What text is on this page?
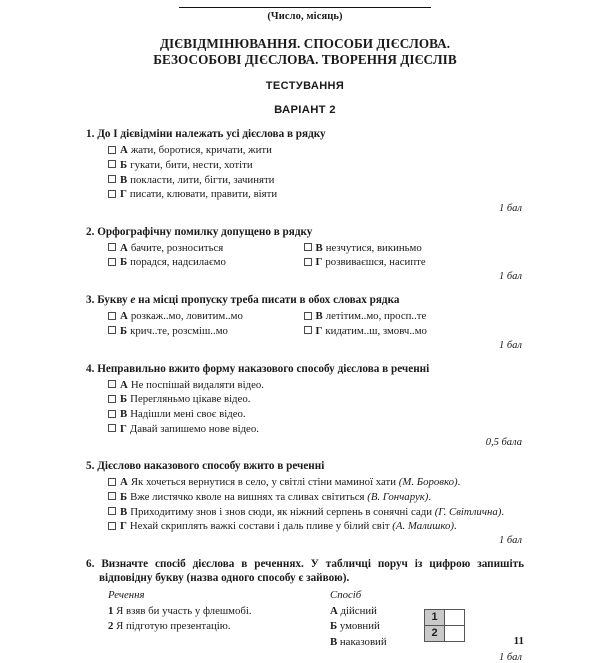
(Число, місяць)
ДІЄВІДМІНЮВАННЯ. СПОСОБИ ДІЄСЛОВА.
БЕЗОСОБОВІ ДІЄСЛОВА. ТВОРЕННЯ ДІЄСЛІВ
ТЕСТУВАННЯ
ВАРІАНТ 2
1. До I дієвідміни належать усі дієслова в рядку
А жати, боротися, кричати, жити
Б гукати, бити, нести, хотіти
В покласти, лити, бігти, зачиняти
Г писати, клювати, правити, віяти
1 бал
2. Орфографічну помилку допущено в рядку
А бачите, розноситься
Б порадся, надсилаємо
В незчутися, викиньмо
Г розвиваєшся, насипте
1 бал
3. Букву е на місці пропуску треба писати в обох словах рядка
А розкаж..мо, ловитим..мо
Б крич..те, розсміш..мо
В летітим..мо, просп..те
Г кидатим..ш, змовч..мо
1 бал
4. Неправильно вжито форму наказового способу дієслова в реченні
А Не поспішай видаляти відео.
Б Перегляньмо цікаве відео.
В Надішли мені своє відео.
Г Давай запишемо нове відео.
0,5 бала
5. Дієслово наказового способу вжито в реченні
А Як хочеться вернутися в село, у світлі стіни маминої хати (М. Боровко).
Б Вже листячко кволе на вишнях та сливах світиться (В. Гончарук).
В Приходитиму знов і знов сюди, як ніжний серпень в сонячні сади (Г. Світлична).
Г Нехай скриплять важкі состави і даль пливе у білий світ (А. Малишко).
1 бал
6. Визначте спосіб дієслова в реченнях. У табличці поруч із цифрою запишіть відповідну букву (назва одного способу є зайвою).
Речення
1 Я взяв би участь у флешмобі.
2 Я підготую презентацію.
Спосіб
А дійсний
Б умовний
В наказовий
1	
2	
1 бал
11
